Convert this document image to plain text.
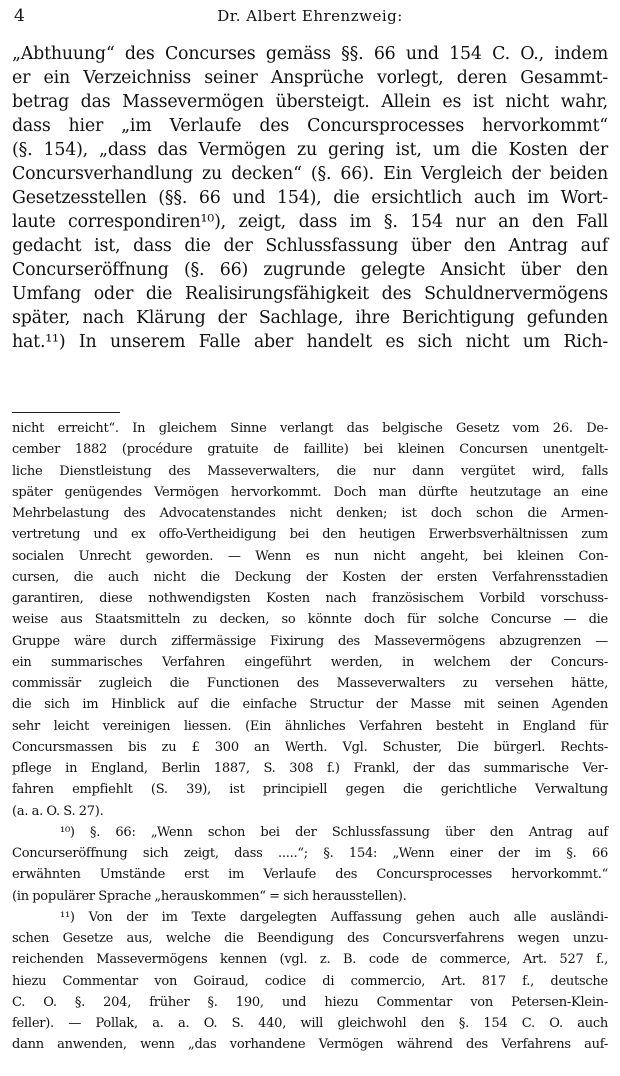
4	Dr. Albert Ehrenzweig:
„Abthuung“ des Concurses gemäss §§. 66 und 154 C. O., indem
er ein Verzeichniss seiner Ansprüche vorlegt, deren Gesammt-
betrag das Massevermögen übersteigt. Allein es ist nicht wahr,
dass hier „im Verlaufe des Concursprocesses hervorkommt“
(§. 154), „dass das Vermögen zu gering ist, um die Kosten der
Concursverhandlung zu decken“ (§. 66). Ein Vergleich der beiden
Gesetzesstellen (§§. 66 und 154), die ersichtlich auch im Wort-
laute correspondiren¹⁰), zeigt, dass im §. 154 nur an den Fall
gedacht ist, dass die der Schlussfassung über den Antrag auf
Concurseröffnung (§. 66) zugrunde gelegte Ansicht über den
Umfang oder die Realisirungsfähigkeit des Schuldnervermögens
später, nach Klärung der Sachlage, ihre Berichtigung gefunden
hat.¹¹) In unserem Falle aber handelt es sich nicht um Rich-
nicht erreicht“. In gleichem Sinne verlangt das belgische Gesetz vom 26. De-
cember 1882 (procédure gratuite de faillite) bei kleinen Concursen unentgelt-
liche Dienstleistung des Masseverwalters, die nur dann vergütet wird, falls
später genügendes Vermögen hervorkommt. Doch man dürfte heutzutage an eine
Mehrbelastung des Advocatenstandes nicht denken; ist doch schon die Armen-
vertretung und ex offo-Vertheidigung bei den heutigen Erwerbsverhältnissen zum
socialen Unrecht geworden. — Wenn es nun nicht angeht, bei kleinen Con-
cursen, die auch nicht die Deckung der Kosten der ersten Verfahrensstadien
garantiren, diese nothwendigsten Kosten nach französischem Vorbild vorschuss-
weise aus Staatsmitteln zu decken, so könnte doch für solche Concurse — die
Gruppe wäre durch ziffermässige Fixirung des Massevermögens abzugrenzen —
ein summarisches Verfahren eingeführt werden, in welchem der Concurs-
commissär zugleich die Functionen des Masseverwalters zu versehen hätte,
die sich im Hinblick auf die einfache Structur der Masse mit seinen Agenden
sehr leicht vereinigen liessen. (Ein ähnliches Verfahren besteht in England für
Concursmassen bis zu £ 300 an Werth. Vgl. Schuster, Die bürgerl. Rechts-
pflege in England, Berlin 1887, S. 308 f.) Frankl, der das summarische Ver-
fahren empfiehlt (S. 39), ist principiell gegen die gerichtliche Verwaltung
(a. a. O. S. 27).
¹⁰) §. 66: „Wenn schon bei der Schlussfassung über den Antrag auf
Concurseröffnung sich zeigt, dass .....“; §. 154: „Wenn einer der im §. 66
erwähnten Umstände erst im Verlaufe des Concursprocesses hervorkommt.“
(in populärer Sprache „herauskommen“ = sich herausstellen).
¹¹) Von der im Texte dargelegten Auffassung gehen auch alle ausländi-
schen Gesetze aus, welche die Beendigung des Concursverfahrens wegen unzu-
reichenden Massevermögens kennen (vgl. z. B. code de commerce, Art. 527 f.,
hiezu Commentar von Goiraud, codice di commercio, Art. 817 f., deutsche
C. O. §. 204, früher §. 190, und hiezu Commentar von Petersen-Klein-
feller). — Pollak, a. a. O. S. 440, will gleichwohl den §. 154 C. O. auch
dann anwenden, wenn „das vorhandene Vermögen während des Verfahrens auf-
